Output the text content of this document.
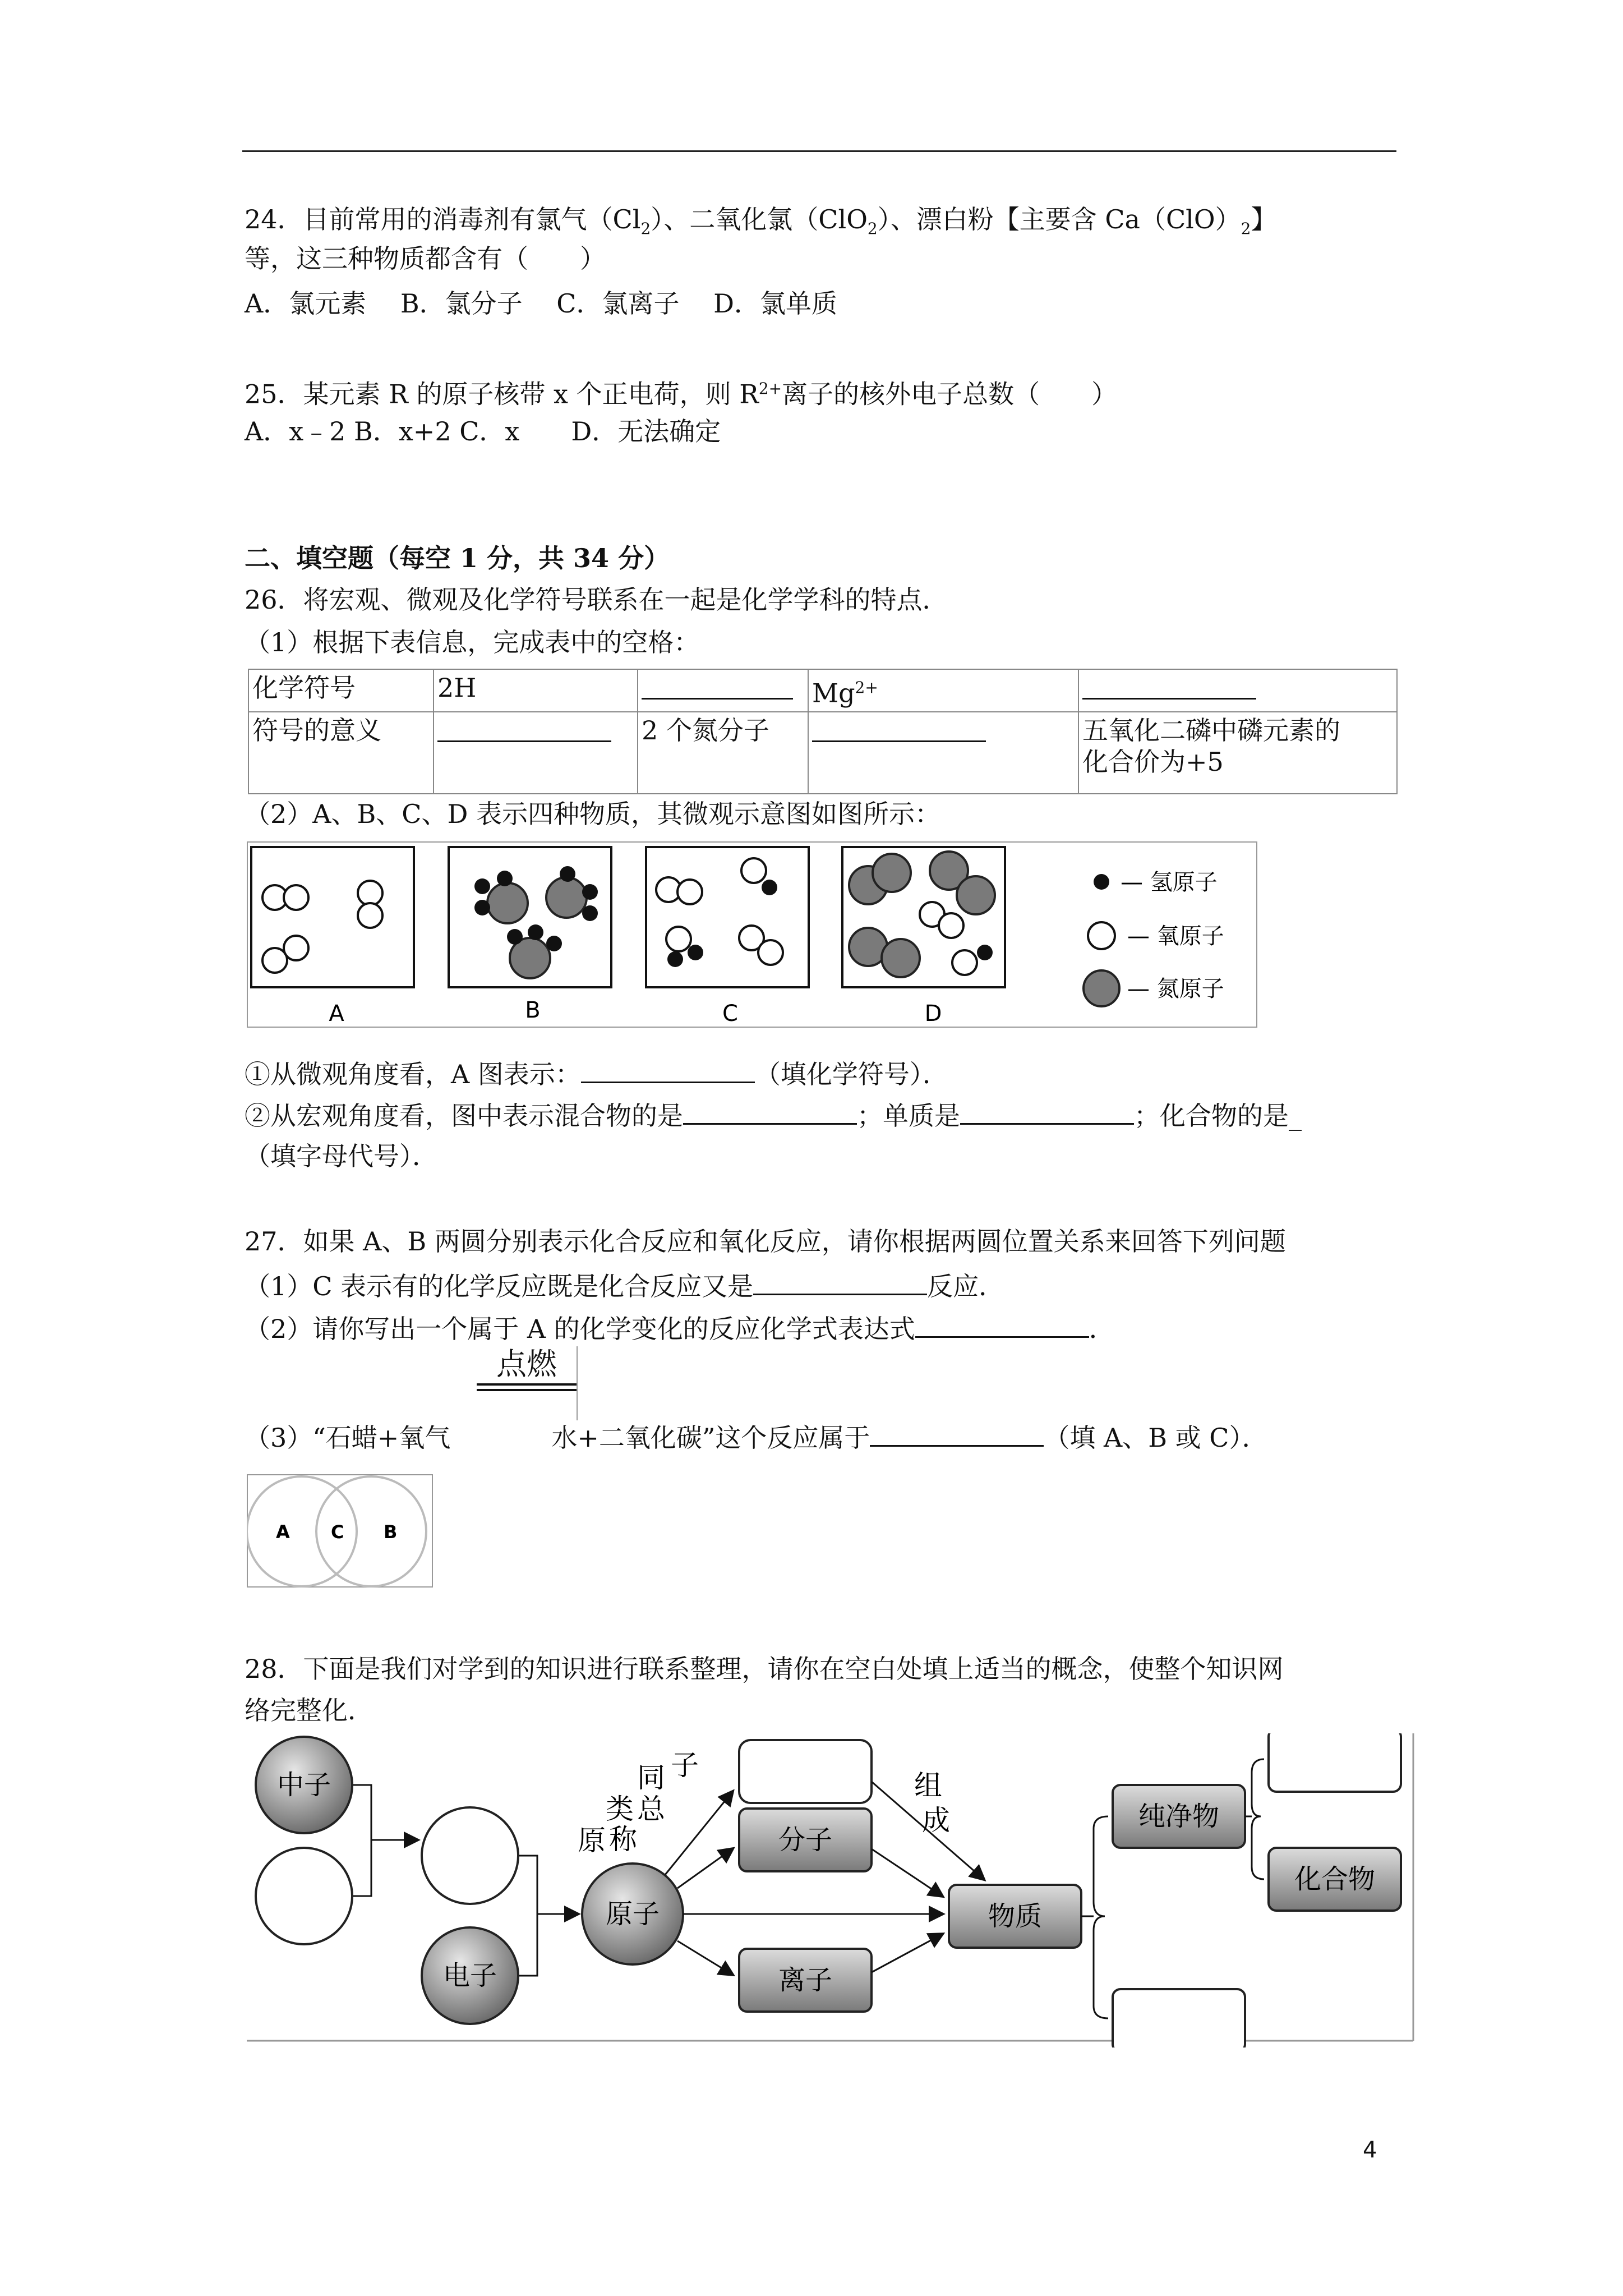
24．目前常用的消毒剂有氯气$(Cl_2)$、二氧化氯（ClO$_2$）、漂白粉【主要含 $Ca(ClO)_2$】
等，这三种物质都含有（　　）
A．氯元素　 B．氯分子　 C．氯离子　 D．氯单质
25．某元素 R 的原子核带 x 个正电荷，则 $R^{2+}$离子的核外电子总数（　　）
A．x﹣2 B．x+2 C．x　　D．无法确定
二、填空题（每空 1 分，共 34 分）
26．将宏观、微观及化学符号联系在一起是化学学科的特点．
（1）根据下表信息，完成表中的空格：
化学符号	2H		$Mg^{2+}$	
符号的意义		2 个氮分子		五氧化二磷中磷元素的
化合价为+5
（2）A、B、C、D 表示四种物质，其微观示意图如图所示：
A	B	C	D
— 氢原子
— 氧原子
— 氮原子
①从微观角度看，A 图表示：	（填化学符号）．
②从宏观角度看，图中表示混合物的是	；单质是	；化合物的是_
（填字母代号）．
27．如果 A、B 两圆分别表示化合反应和氧化反应，请你根据两圆位置关系来回答下列问题
（1）C 表示有的化学反应既是化合反应又是	反应．
（2）请你写出一个属于 A 的化学变化的反应化学式表达式	．
点燃
（3）“石蜡+氧气	水+二氧化碳”这个反应属于	（填 A、B 或 C）．
A C B
28．下面是我们对学到的知识进行联系整理，请你在空白处填上适当的概念，使整个知识网
络完整化．
中子
电子
原子
分子
离子
物质
同
类
原
子
总
称
组
成	纯净物
化合物
4
